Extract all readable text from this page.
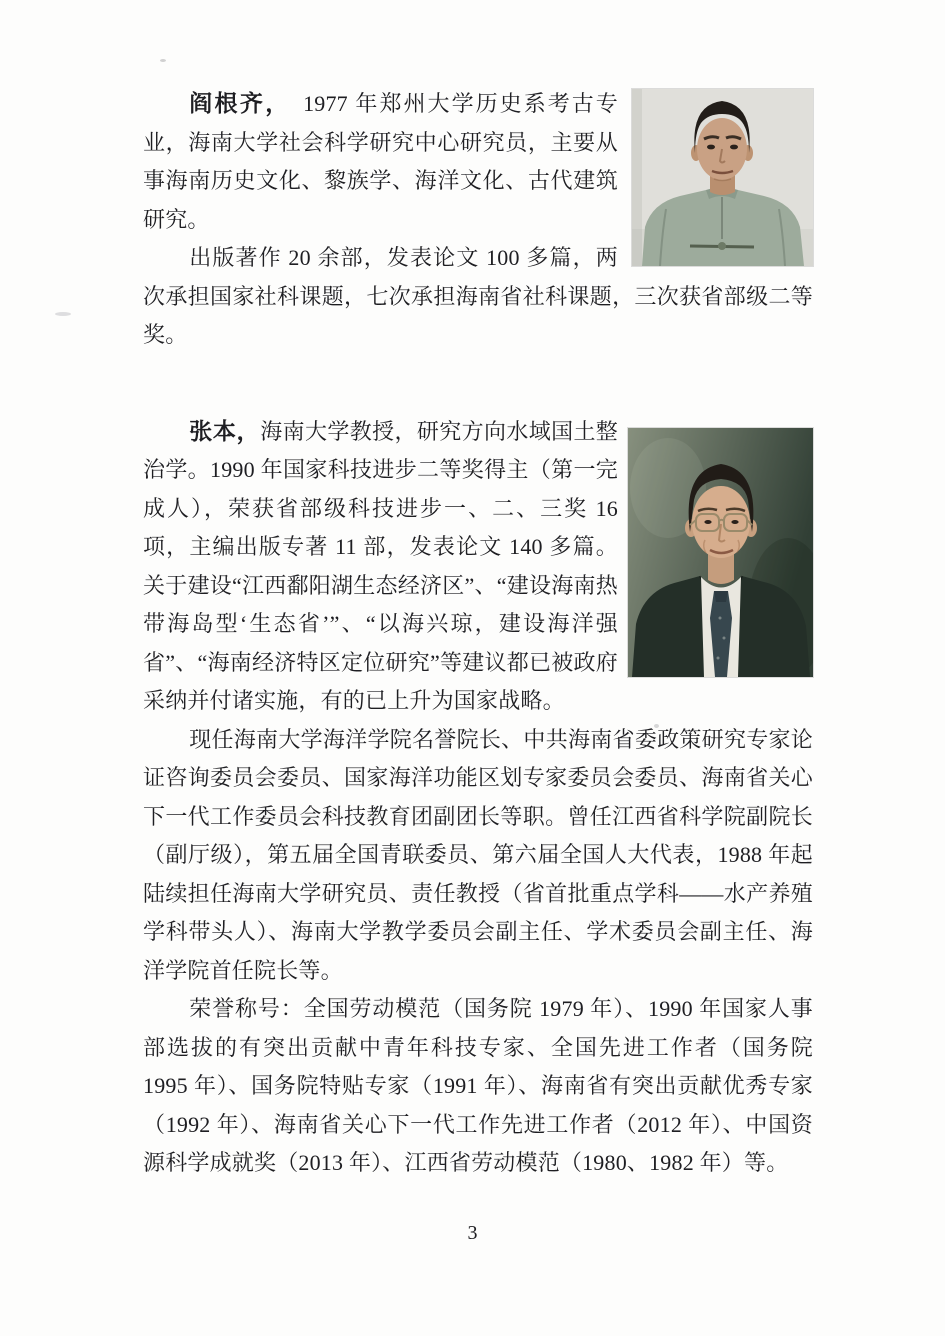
阎根齐，　1977 年郑州大学历史系考古专业，海南大学社会科学研究中心研究员，主要从事海南历史文化、黎族学、海洋文化、古代建筑研究。

出版著作 20 余部，发表论文 100 多篇，两次承担国家社科课题，七次承担海南省社科课题，三次获省部级二等奖。

张本，海南大学教授，研究方向水域国土整治学。1990 年国家科技进步二等奖得主（第一完成人），荣获省部级科技进步一、二、三奖 16 项，主编出版专著 11 部，发表论文 140 多篇。关于建设“江西鄱阳湖生态经济区”、“建设海南热带海岛型‘生态省’”、“以海兴琼，建设海洋强省”、“海南经济特区定位研究”等建议都已被政府采纳并付诸实施，有的已上升为国家战略。

现任海南大学海洋学院名誉院长、中共海南省委政策研究专家论证咨询委员会委员、国家海洋功能区划专家委员会委员、海南省关心下一代工作委员会科技教育团副团长等职。曾任江西省科学院副院长（副厅级），第五届全国青联委员、第六届全国人大代表，1988 年起陆续担任海南大学研究员、责任教授（省首批重点学科——水产养殖学科带头人）、海南大学教学委员会副主任、学术委员会副主任、海洋学院首任院长等。

荣誉称号：全国劳动模范（国务院 1979 年）、1990 年国家人事部选拔的有突出贡献中青年科技专家、全国先进工作者（国务院 1995 年）、国务院特贴专家（1991 年）、海南省有突出贡献优秀专家（1992 年）、海南省关心下一代工作先进工作者（2012 年）、中国资源科学成就奖（2013 年）、江西省劳动模范（1980、1982 年）等。

3
